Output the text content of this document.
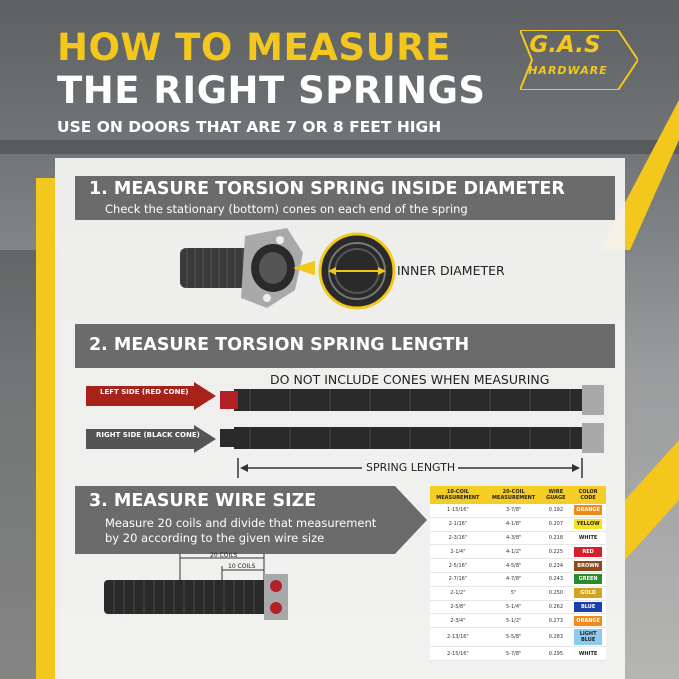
HOW TO MEASURE
THE RIGHT SPRINGS
USE ON DOORS THAT ARE 7 OR 8 FEET HIGH
G.A.S
HARDWARE
1. MEASURE TORSION SPRING INSIDE DIAMETER
Check the stationary (bottom) cones on each end of the spring
INNER DIAMETER
2. MEASURE TORSION SPRING LENGTH
DO NOT INCLUDE CONES WHEN MEASURING
LEFT SIDE (RED CONE)
RIGHT SIDE (BLACK CONE)
SPRING LENGTH
3. MEASURE WIRE SIZE
Measure 20 coils and divide that measurement
by 20 according to the given wire size
20 COILS
10 COILS
10-COIL MEASUREMENT	20-COIL MEASUREMENT	WIRE GUAGE	COLOR CODE
1-15/16"	3-7/8"	0.192	ORANGE

2-1/16"	4-1/8"	0.207	YELLOW

2-3/16"	4-3/8"	0.218	WHITE

2-1/4"	4-1/2"	0.225	RED

2-5/16"	4-5/8"	0.234	BROWN

2-7/16"	4-7/8"	0.243	GREEN

2-1/2"	5"	0.250	GOLD

2-5/8"	5-1/4"	0.262	BLUE

2-3/4"	5-1/2"	0.273	ORANGE

2-13/16"	5-5/8"	0.283	LIGHT BLUE

2-15/16"	5-7/8"	0.295	WHITE
